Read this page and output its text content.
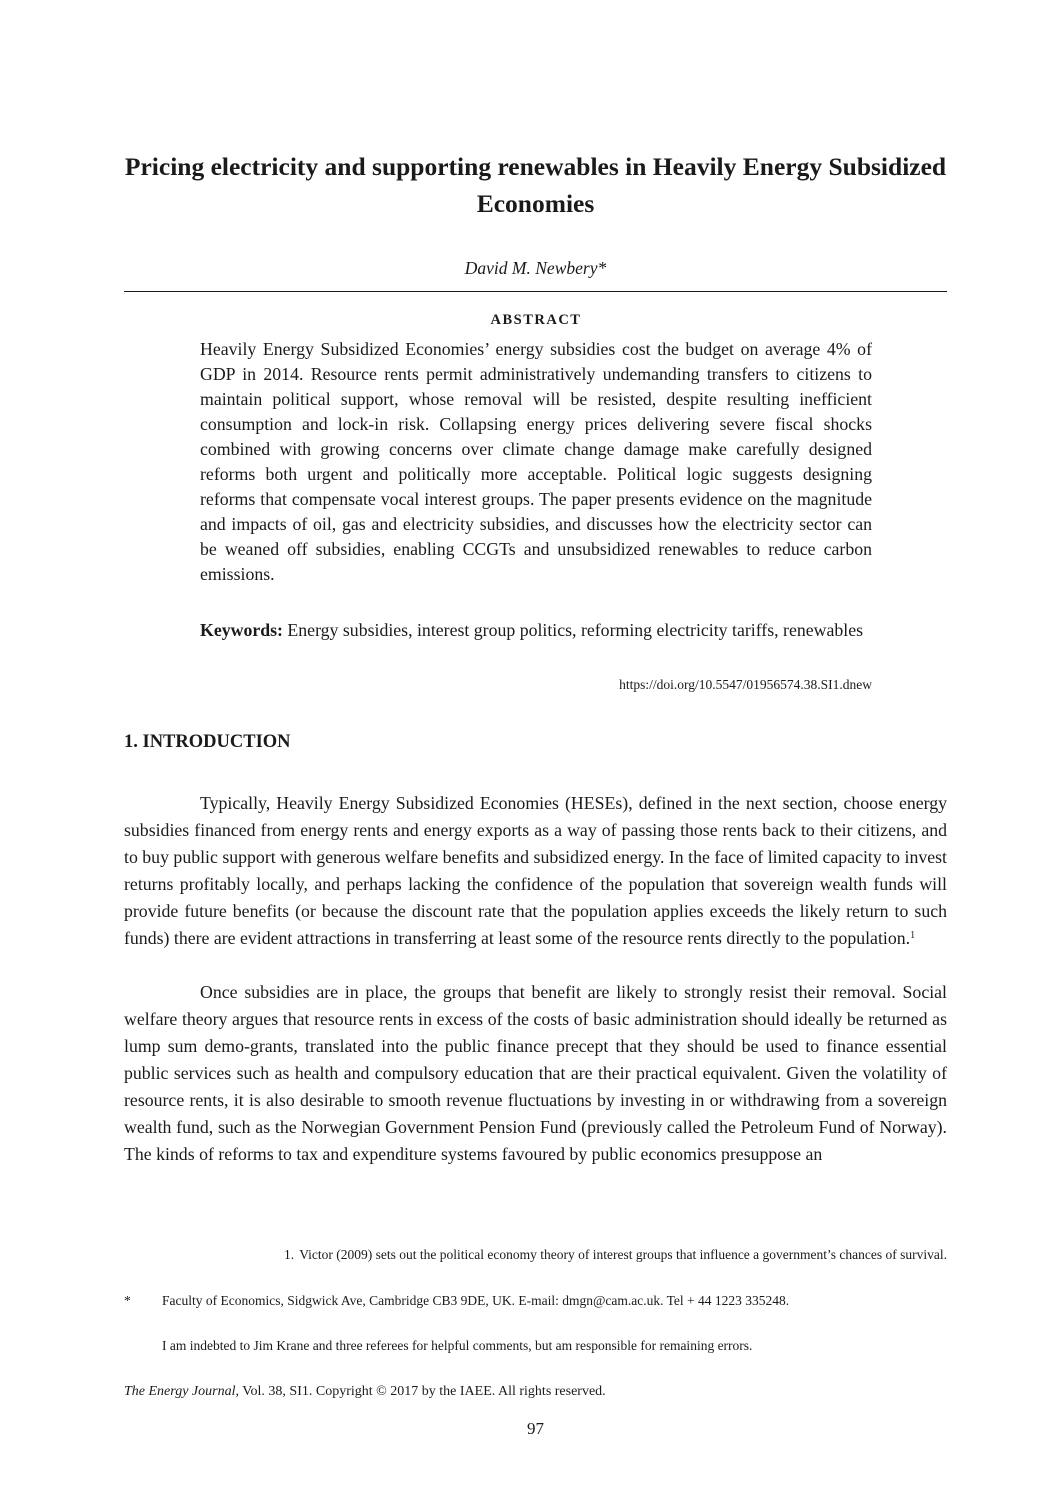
Pricing electricity and supporting renewables in Heavily Energy Subsidized Economies
David M. Newbery*
ABSTRACT

Heavily Energy Subsidized Economies’ energy subsidies cost the budget on average 4% of GDP in 2014. Resource rents permit administratively undemanding transfers to citizens to maintain political support, whose removal will be resisted, despite resulting inefficient consumption and lock-in risk. Collapsing energy prices delivering severe fiscal shocks combined with growing concerns over climate change damage make carefully designed reforms both urgent and politically more acceptable. Political logic suggests designing reforms that compensate vocal interest groups. The paper presents evidence on the magnitude and impacts of oil, gas and electricity subsidies, and discusses how the electricity sector can be weaned off subsidies, enabling CCGTs and unsubsidized renewables to reduce carbon emissions.

Keywords: Energy subsidies, interest group politics, reforming electricity tariffs, renewables

https://doi.org/10.5547/01956574.38.SI1.dnew
1. INTRODUCTION

Typically, Heavily Energy Subsidized Economies (HESEs), defined in the next section, choose energy subsidies financed from energy rents and energy exports as a way of passing those rents back to their citizens, and to buy public support with generous welfare benefits and subsidized energy. In the face of limited capacity to invest returns profitably locally, and perhaps lacking the confidence of the population that sovereign wealth funds will provide future benefits (or because the discount rate that the population applies exceeds the likely return to such funds) there are evident attractions in transferring at least some of the resource rents directly to the population.$^1$

Once subsidies are in place, the groups that benefit are likely to strongly resist their removal. Social welfare theory argues that resource rents in excess of the costs of basic administration should ideally be returned as lump sum demo-grants, translated into the public finance precept that they should be used to finance essential public services such as health and compulsory education that are their practical equivalent. Given the volatility of resource rents, it is also desirable to smooth revenue fluctuations by investing in or withdrawing from a sovereign wealth fund, such as the Norwegian Government Pension Fund (previously called the Petroleum Fund of Norway). The kinds of reforms to tax and expenditure systems favoured by public economics presuppose an

1. Victor (2009) sets out the political economy theory of interest groups that influence a government’s chances of survival.

* Faculty of Economics, Sidgwick Ave, Cambridge CB3 9DE, UK. E-mail: dmgn@cam.ac.uk. Tel + 44 1223 335248.

I am indebted to Jim Krane and three referees for helpful comments, but am responsible for remaining errors.

The Energy Journal, Vol. 38, SI1. Copyright © 2017 by the IAEE. All rights reserved.
97
